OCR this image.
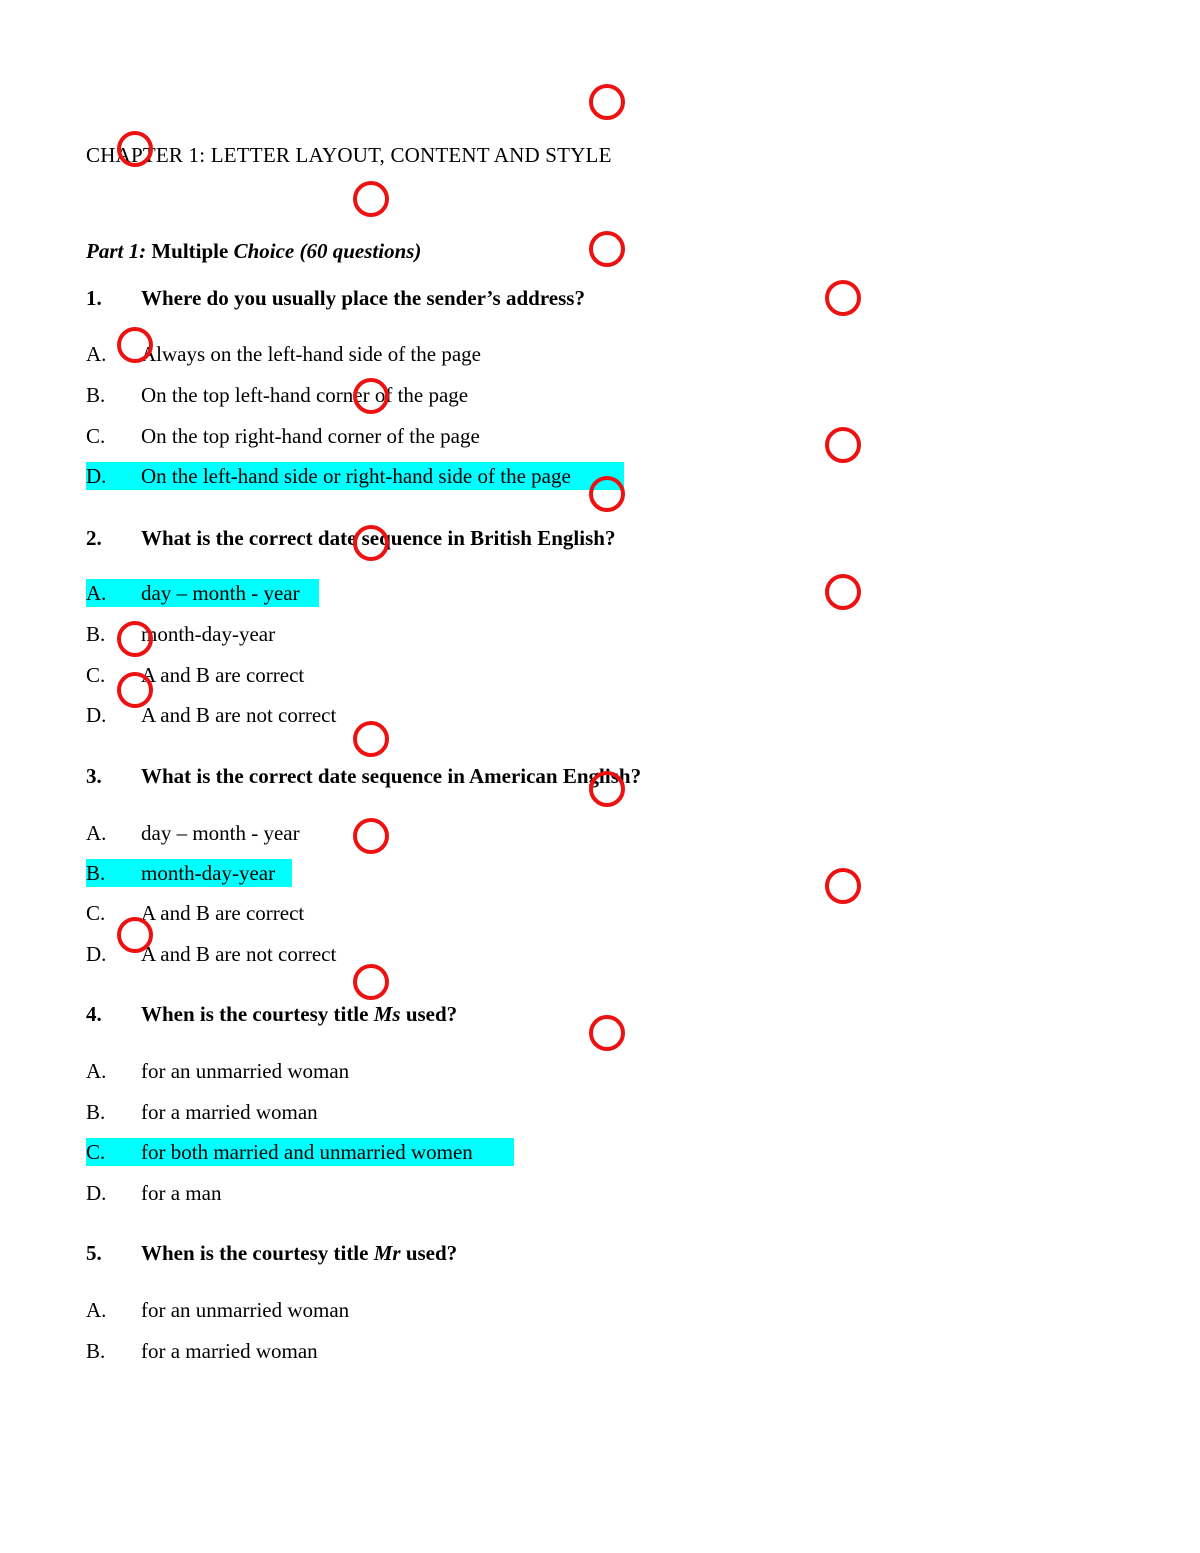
CHAPTER 1: LETTER LAYOUT, CONTENT AND STYLE
Part 1: Multiple Choice (60 questions)
1. Where do you usually place the sender’s address?
A. Always on the left-hand side of the page
B. On the top left-hand corner of the page
C. On the top right-hand corner of the page
D. On the left-hand side or right-hand side of the page
2. What is the correct date sequence in British English?
A. day – month - year
B. month-day-year
C. A and B are correct
D. A and B are not correct
3. What is the correct date sequence in American English?
A. day – month - year
B. month-day-year
C. A and B are correct
D. A and B are not correct
4. When is the courtesy title Ms used?
A. for an unmarried woman
B. for a married woman
C. for both married and unmarried women
D. for a man
5. When is the courtesy title Mr used?
A. for an unmarried woman
B. for a married woman
